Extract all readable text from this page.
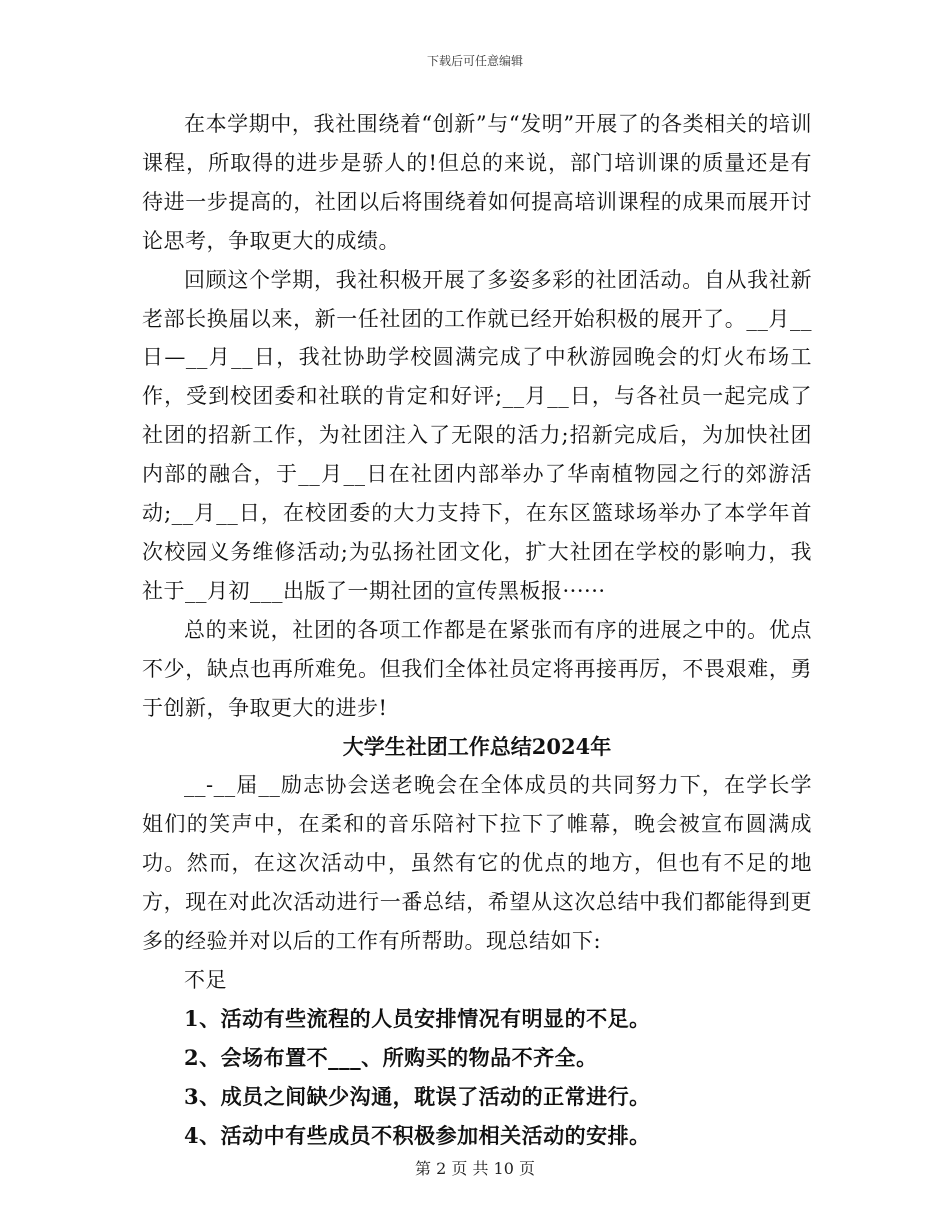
下载后可任意编辑

在本学期中，我社围绕着“创新”与“发明”开展了的各类相关的培训课程，所取得的进步是骄人的!但总的来说，部门培训课的质量还是有待进一步提高的，社团以后将围绕着如何提高培训课程的成果而展开讨论思考，争取更大的成绩。

回顾这个学期，我社积极开展了多姿多彩的社团活动。自从我社新老部长换届以来，新一任社团的工作就已经开始积极的展开了。__月__日—__月__日，我社协助学校圆满完成了中秋游园晚会的灯火布场工作，受到校团委和社联的肯定和好评;__月__日，与各社员一起完成了社团的招新工作，为社团注入了无限的活力;招新完成后，为加快社团内部的融合，于__月__日在社团内部举办了华南植物园之行的郊游活动;__月__日，在校团委的大力支持下，在东区篮球场举办了本学年首次校园义务维修活动;为弘扬社团文化，扩大社团在学校的影响力，我社于__月初___出版了一期社团的宣传黑板报······

总的来说，社团的各项工作都是在紧张而有序的进展之中的。优点不少，缺点也再所难免。但我们全体社员定将再接再厉，不畏艰难，勇于创新，争取更大的进步!

大学生社团工作总结2024年

__-__届__励志协会送老晚会在全体成员的共同努力下，在学长学姐们的笑声中，在柔和的音乐陪衬下拉下了帷幕，晚会被宣布圆满成功。然而，在这次活动中，虽然有它的优点的地方，但也有不足的地方，现在对此次活动进行一番总结，希望从这次总结中我们都能得到更多的经验并对以后的工作有所帮助。现总结如下:

不足

1、活动有些流程的人员安排情况有明显的不足。

2、会场布置不___、所购买的物品不齐全。

3、成员之间缺少沟通，耽误了活动的正常进行。

4、活动中有些成员不积极参加相关活动的安排。

第 2 页 共 10 页
